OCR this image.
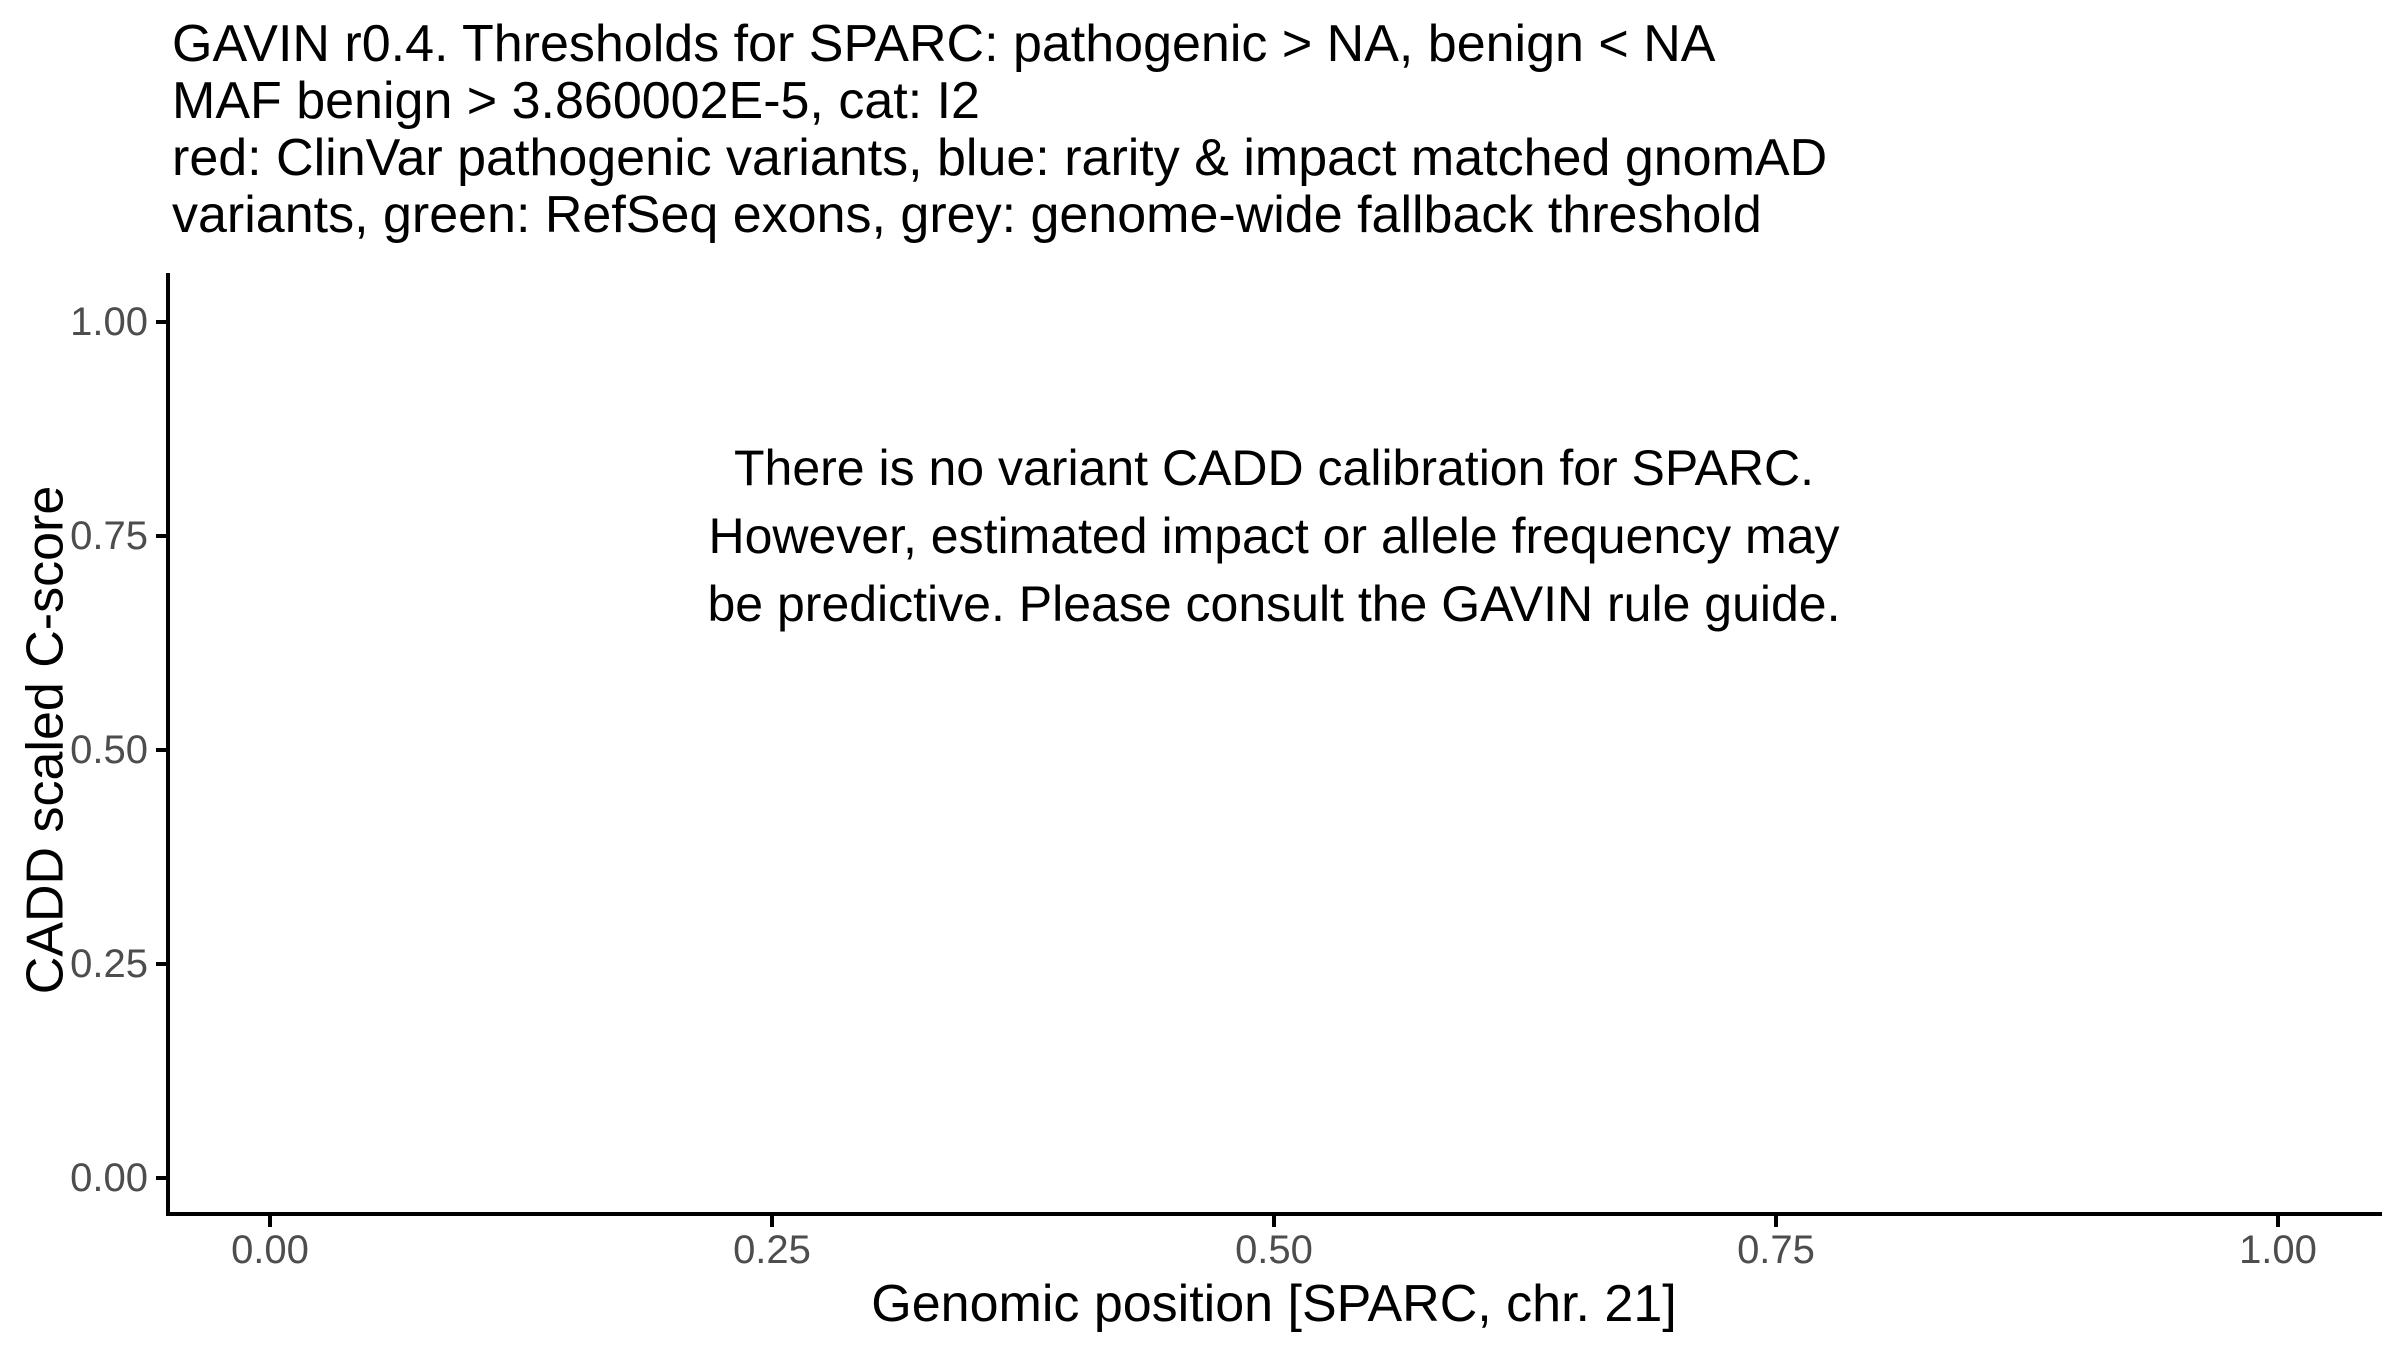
GAVIN r0.4. Thresholds for SPARC: pathogenic > NA, benign < NA
MAF benign > 3.860002E-5, cat: I2
red: ClinVar pathogenic variants, blue: rarity & impact matched gnomAD
variants, green: RefSeq exons, grey: genome-wide fallback threshold
1.00
0.75
0.50
0.25
0.00
0.00	0.25	0.50	0.75	1.00
Genomic position [SPARC, chr. 21]
CADD scaled C-score
There is no variant CADD calibration for SPARC.
However, estimated impact or allele frequency may
be predictive. Please consult the GAVIN rule guide.
